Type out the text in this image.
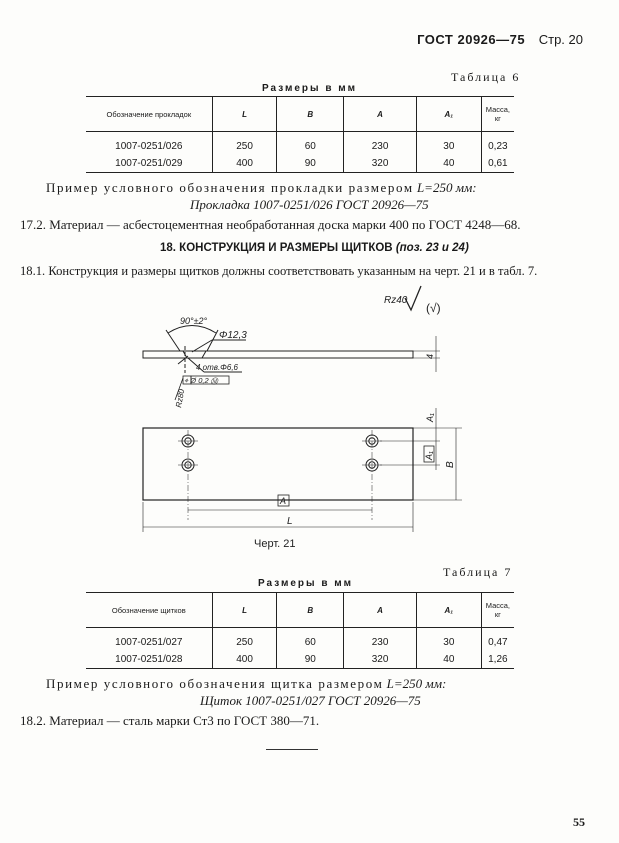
ГОСТ 20926—75 Стр. 20
Таблица 6
Размеры в мм
Обозначение прокладок	L	B	A	A₁	Масса, кг
1007-0251/026	250	60	230	30	0,23
1007-0251/029	400	90	320	40	0,61
Пример условного обозначения прокладки размером L=250 мм:
Прокладка 1007-0251/026 ГОСТ 20926—75
17.2. Материал — асбестоцементная необработанная доска марки 400 по ГОСТ 4248—68.
18. КОНСТРУКЦИЯ И РАЗМЕРЫ ЩИТКОВ (поз. 23 и 24)
18.1. Конструкция и размеры щитков должны соответствовать указанным на черт. 21 и в табл. 7.
Rz40
(√)
90°±2°
Φ12,3
4 отв.Φ6,6
⌖ Ø 0,2 Ⓜ
Rz80
4
A₁
A₁
B
A
L
Черт. 21
Таблица 7
Размеры в мм
Обозначение щитков	L	B	A	A₁	Масса, кг
1007-0251/027	250	60	230	30	0,47
1007-0251/028	400	90	320	40	1,26
Пример условного обозначения щитка размером L=250 мм:
Щиток 1007-0251/027 ГОСТ 20926—75
18.2. Материал — сталь марки Ст3 по ГОСТ 380—71.
55
